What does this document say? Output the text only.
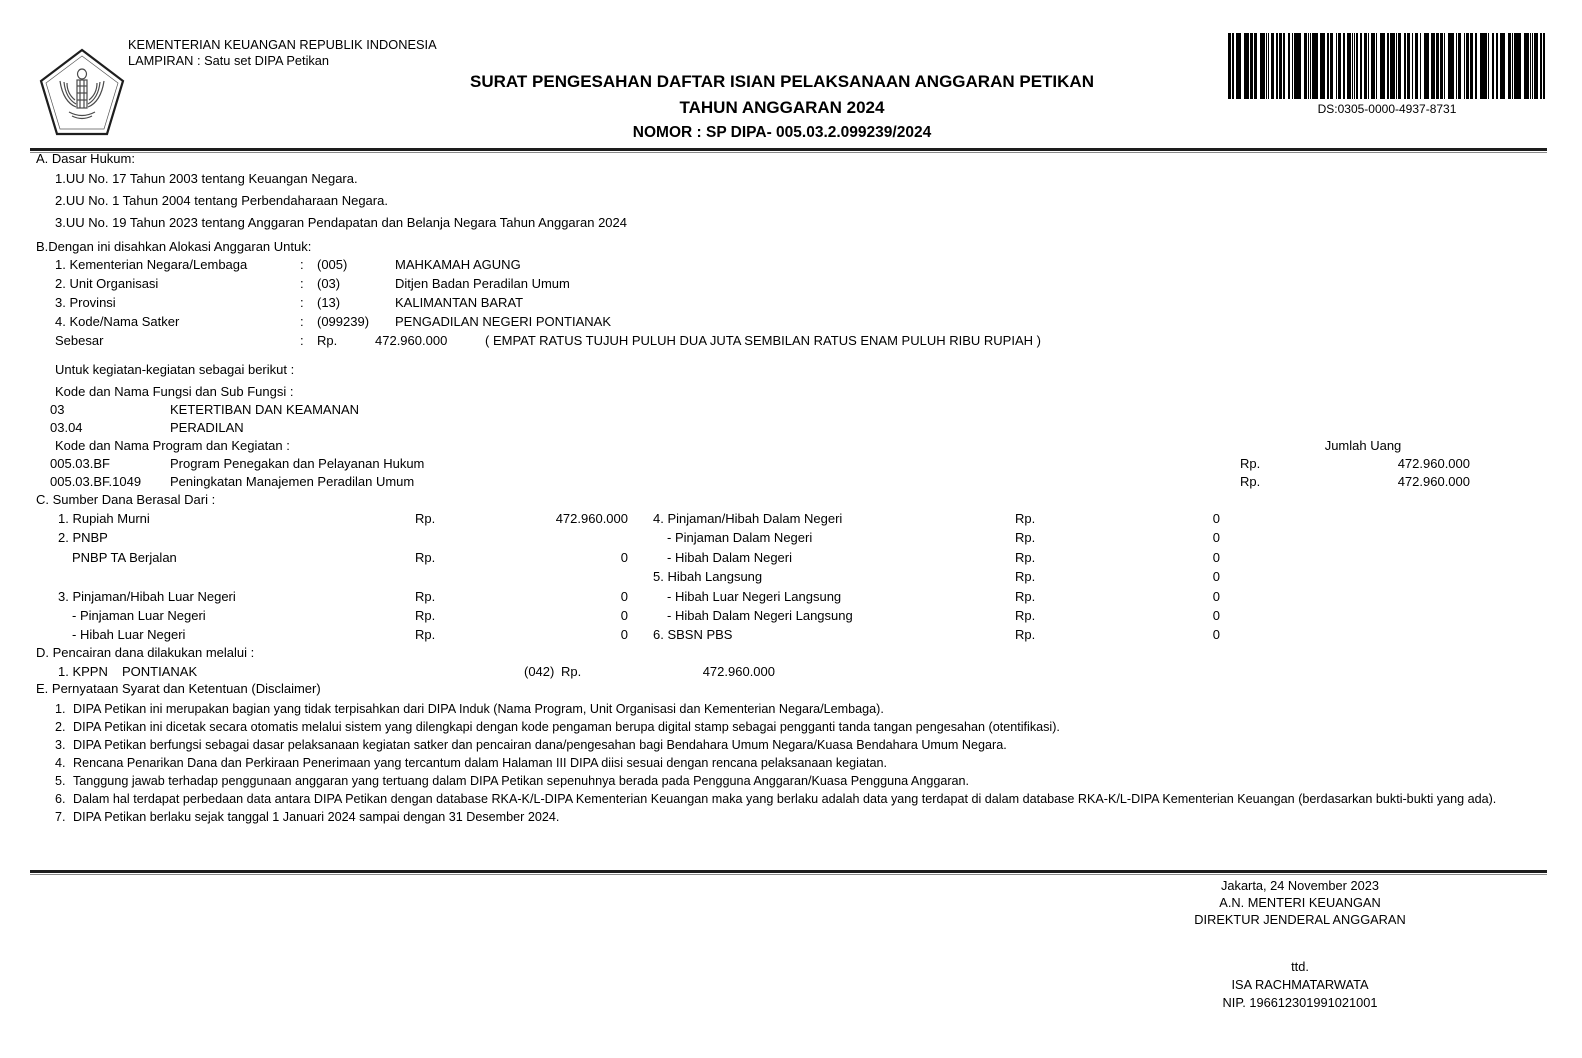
KEMENTERIAN KEUANGAN REPUBLIK INDONESIA
LAMPIRAN : Satu set DIPA Petikan
SURAT PENGESAHAN DAFTAR ISIAN PELAKSANAAN ANGGARAN PETIKAN
TAHUN ANGGARAN 2024
NOMOR : SP DIPA- 005.03.2.099239/2024
DS:0305-0000-4937-8731
A. Dasar Hukum:
1.UU No. 17 Tahun 2003 tentang Keuangan Negara.
2.UU No. 1 Tahun 2004 tentang Perbendaharaan Negara.
3.UU No. 19 Tahun 2023 tentang Anggaran Pendapatan dan Belanja Negara Tahun Anggaran 2024
B.Dengan ini disahkan Alokasi Anggaran Untuk:
1. Kementerian Negara/Lembaga	: (005)	MAHKAMAH AGUNG
2. Unit Organisasi	: (03)	Ditjen Badan Peradilan Umum
3. Provinsi	: (13)	KALIMANTAN BARAT
4. Kode/Nama Satker	: (099239) PENGADILAN NEGERI PONTIANAK
Sebesar	: Rp.	472.960.000	( EMPAT RATUS TUJUH PULUH DUA JUTA SEMBILAN RATUS ENAM PULUH RIBU RUPIAH )
Untuk kegiatan-kegiatan sebagai berikut :
Kode dan Nama Fungsi dan Sub Fungsi :
03	KETERTIBAN DAN KEAMANAN
03.04	PERADILAN
Kode dan Nama Program dan Kegiatan :	Jumlah Uang
005.03.BF	Program Penegakan dan Pelayanan Hukum	Rp.	472.960.000
005.03.BF.1049 Peningkatan Manajemen Peradilan Umum	Rp.	472.960.000
C. Sumber Dana Berasal Dari :
1. Rupiah Murni	Rp.	472.960.000
2. PNBP
PNBP TA Berjalan	Rp.	0
3. Pinjaman/Hibah Luar Negeri	Rp.	0
- Pinjaman Luar Negeri	Rp.	0
- Hibah Luar Negeri	Rp.	0
4. Pinjaman/Hibah Dalam Negeri	Rp.	0
- Pinjaman Dalam Negeri	Rp.	0
- Hibah Dalam Negeri	Rp.	0
5. Hibah Langsung	Rp.	0
- Hibah Luar Negeri Langsung	Rp.	0
- Hibah Dalam Negeri Langsung	Rp.	0
6. SBSN PBS	Rp.	0
D. Pencairan dana dilakukan melalui :
1. KPPN PONTIANAK	(042) Rp.	472.960.000
E. Pernyataan Syarat dan Ketentuan (Disclaimer)
1. DIPA Petikan ini merupakan bagian yang tidak terpisahkan dari DIPA Induk (Nama Program, Unit Organisasi dan Kementerian Negara/Lembaga).
2. DIPA Petikan ini dicetak secara otomatis melalui sistem yang dilengkapi dengan kode pengaman berupa digital stamp sebagai pengganti tanda tangan pengesahan (otentifikasi).
3. DIPA Petikan berfungsi sebagai dasar pelaksanaan kegiatan satker dan pencairan dana/pengesahan bagi Bendahara Umum Negara/Kuasa Bendahara Umum Negara.
4. Rencana Penarikan Dana dan Perkiraan Penerimaan yang tercantum dalam Halaman III DIPA diisi sesuai dengan rencana pelaksanaan kegiatan.
5. Tanggung jawab terhadap penggunaan anggaran yang tertuang dalam DIPA Petikan sepenuhnya berada pada Pengguna Anggaran/Kuasa Pengguna Anggaran.
6. Dalam hal terdapat perbedaan data antara DIPA Petikan dengan database RKA-K/L-DIPA Kementerian Keuangan maka yang berlaku adalah data yang terdapat di dalam database RKA-K/L-DIPA Kementerian Keuangan (berdasarkan bukti-bukti yang ada).
7. DIPA Petikan berlaku sejak tanggal 1 Januari 2024 sampai dengan 31 Desember 2024.
Jakarta, 24 November 2023
A.N. MENTERI KEUANGAN
DIREKTUR JENDERAL ANGGARAN
ttd.
ISA RACHMATARWATA
NIP. 196612301991021001
